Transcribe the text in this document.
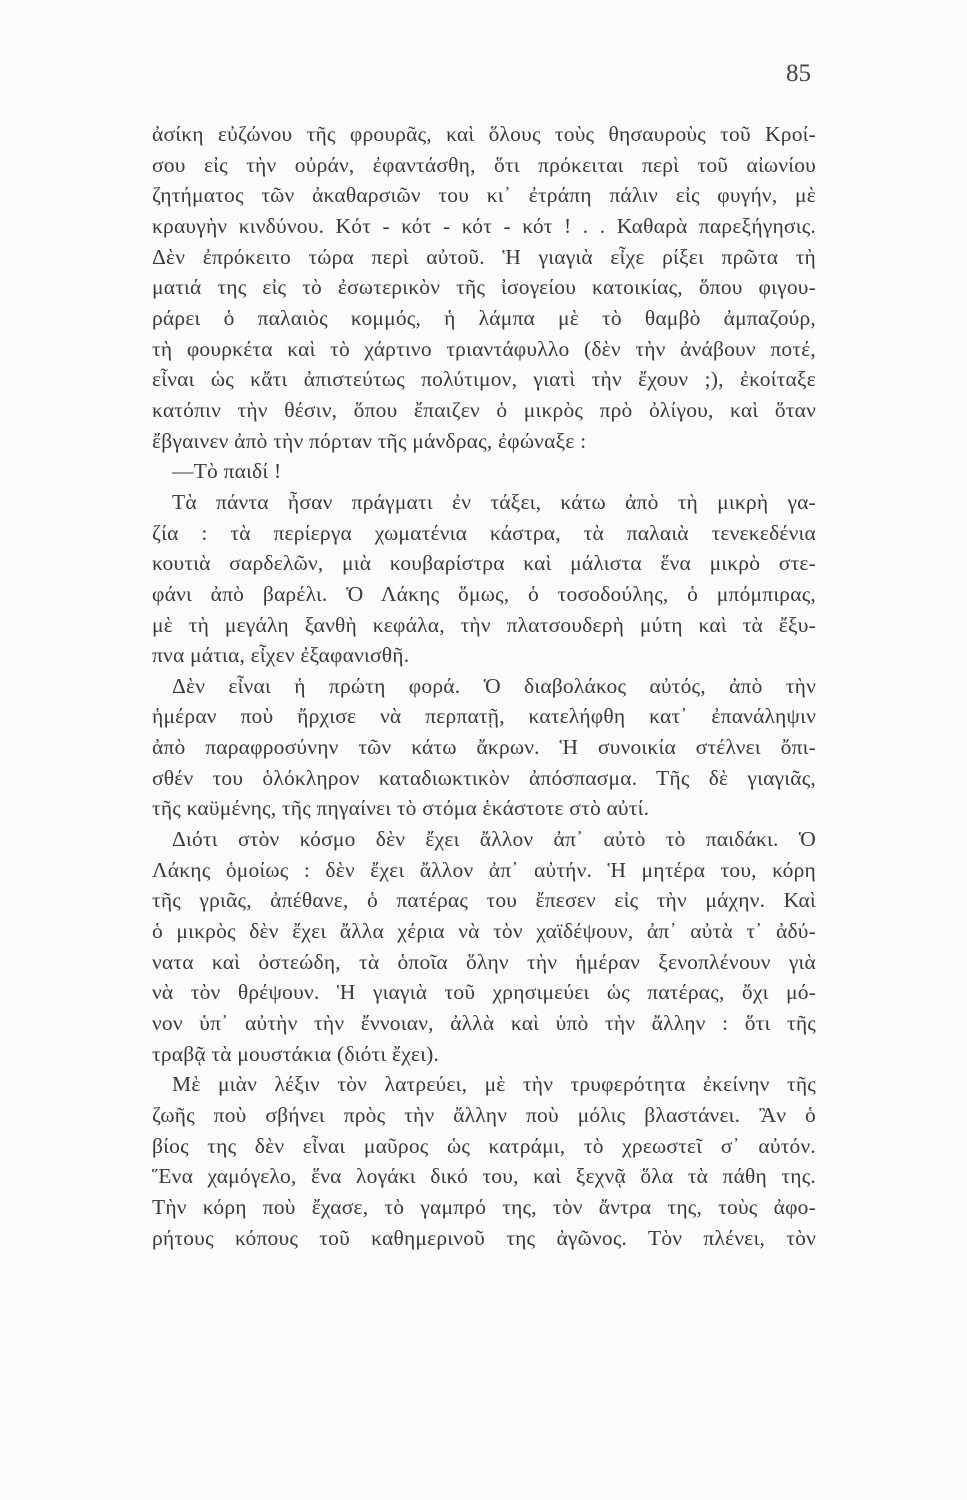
85
ἀσίκη εὐζώνου τῆς φρουρᾶς, καὶ ὅλους τοὺς θησαυροὺς τοῦ Κροί-
σου εἰς τὴν οὐράν, ἐφαντάσθη, ὅτι πρόκειται περὶ τοῦ αἰωνίου
ζητήματος τῶν ἀκαθαρσιῶν του κι᾿ ἐτράπη πάλιν εἰς φυγήν, μὲ
κραυγὴν κινδύνου. Κότ - κότ - κότ - κότ ! . . Καθαρὰ παρεξήγησις.
Δὲν ἐπρόκειτο τώρα περὶ αὐτοῦ. Ἡ γιαγιὰ εἶχε ρίξει πρῶτα τὴ
ματιά της εἰς τὸ ἐσωτερικὸν τῆς ἰσογείου κατοικίας, ὅπου φιγου-
ράρει ὁ παλαιὸς κομμός, ἡ λάμπα μὲ τὸ θαμβὸ ἀμπαζούρ,
τὴ φουρκέτα καὶ τὸ χάρτινο τριαντάφυλλο (δὲν τὴν ἀνάβουν ποτέ,
εἶναι ὡς κἄτι ἀπιστεύτως πολύτιμον, γιατὶ τὴν ἔχουν ;), ἐκοίταξε
κατόπιν τὴν θέσιν, ὅπου ἔπαιζεν ὁ μικρὸς πρὸ ὀλίγου, καὶ ὅταν
ἔβγαινεν ἀπὸ τὴν πόρταν τῆς μάνδρας, ἐφώναξε :
—Τὸ παιδί !
Τὰ πάντα ἦσαν πράγματι ἐν τάξει, κάτω ἀπὸ τὴ μικρὴ γα-
ζία : τὰ περίεργα χωματένια κάστρα, τὰ παλαιὰ τενεκεδένια
κουτιὰ σαρδελῶν, μιὰ κουβαρίστρα καὶ μάλιστα ἕνα μικρὸ στε-
φάνι ἀπὸ βαρέλι. Ὁ Λάκης ὅμως, ὁ τοσοδούλης, ὁ μπόμπιρας,
μὲ τὴ μεγάλη ξανθὴ κεφάλα, τὴν πλατσουδερὴ μύτη καὶ τὰ ἔξυ-
πνα μάτια, εἶχεν ἐξαφανισθῆ.
Δὲν εἶναι ἡ πρώτη φορά. Ὁ διαβολάκος αὐτός, ἀπὸ τὴν
ἡμέραν ποὺ ἤρχισε νὰ περπατῇ, κατελήφθη κατ᾿ ἐπανάληψιν
ἀπὸ παραφροσύνην τῶν κάτω ἄκρων. Ἡ συνοικία στέλνει ὄπι-
σθέν του ὁλόκληρον καταδιωκτικὸν ἀπόσπασμα. Τῆς δὲ γιαγιᾶς,
τῆς καϋμένης, τῆς πηγαίνει τὸ στόμα ἑκάστοτε στὸ αὐτί.
Διότι στὸν κόσμο δὲν ἔχει ἄλλον ἀπ᾿ αὐτὸ τὸ παιδάκι. Ὁ
Λάκης ὁμοίως : δὲν ἔχει ἄλλον ἀπ᾿ αὐτήν. Ἡ μητέρα του, κόρη
τῆς γριᾶς, ἀπέθανε, ὁ πατέρας του ἔπεσεν εἰς τὴν μάχην. Καὶ
ὁ μικρὸς δὲν ἔχει ἄλλα χέρια νὰ τὸν χαϊδέψουν, ἀπ᾿ αὐτὰ τ᾿ ἀδύ-
νατα καὶ ὀστεώδη, τὰ ὁποῖα ὅλην τὴν ἡμέραν ξενοπλένουν γιὰ
νὰ τὸν θρέψουν. Ἡ γιαγιὰ τοῦ χρησιμεύει ὡς πατέρας, ὄχι μό-
νον ὑπ᾿ αὐτὴν τὴν ἔννοιαν, ἀλλὰ καὶ ὑπὸ τὴν ἄλλην : ὅτι τῆς
τραβᾷ τὰ μουστάκια (διότι ἔχει).
Μὲ μιὰν λέξιν τὸν λατρεύει, μὲ τὴν τρυφερότητα ἐκείνην τῆς
ζωῆς ποὺ σβήνει πρὸς τὴν ἄλλην ποὺ μόλις βλαστάνει. Ἂν ὁ
βίος της δὲν εἶναι μαῦρος ὡς κατράμι, τὸ χρεωστεῖ σ᾿ αὐτόν.
Ἕνα χαμόγελο, ἕνα λογάκι δικό του, καὶ ξεχνᾷ ὅλα τὰ πάθη της.
Τὴν κόρη ποὺ ἔχασε, τὸ γαμπρό της, τὸν ἄντρα της, τοὺς ἀφο-
ρήτους κόπους τοῦ καθημερινοῦ της ἀγῶνος. Τὸν πλένει, τὸν
